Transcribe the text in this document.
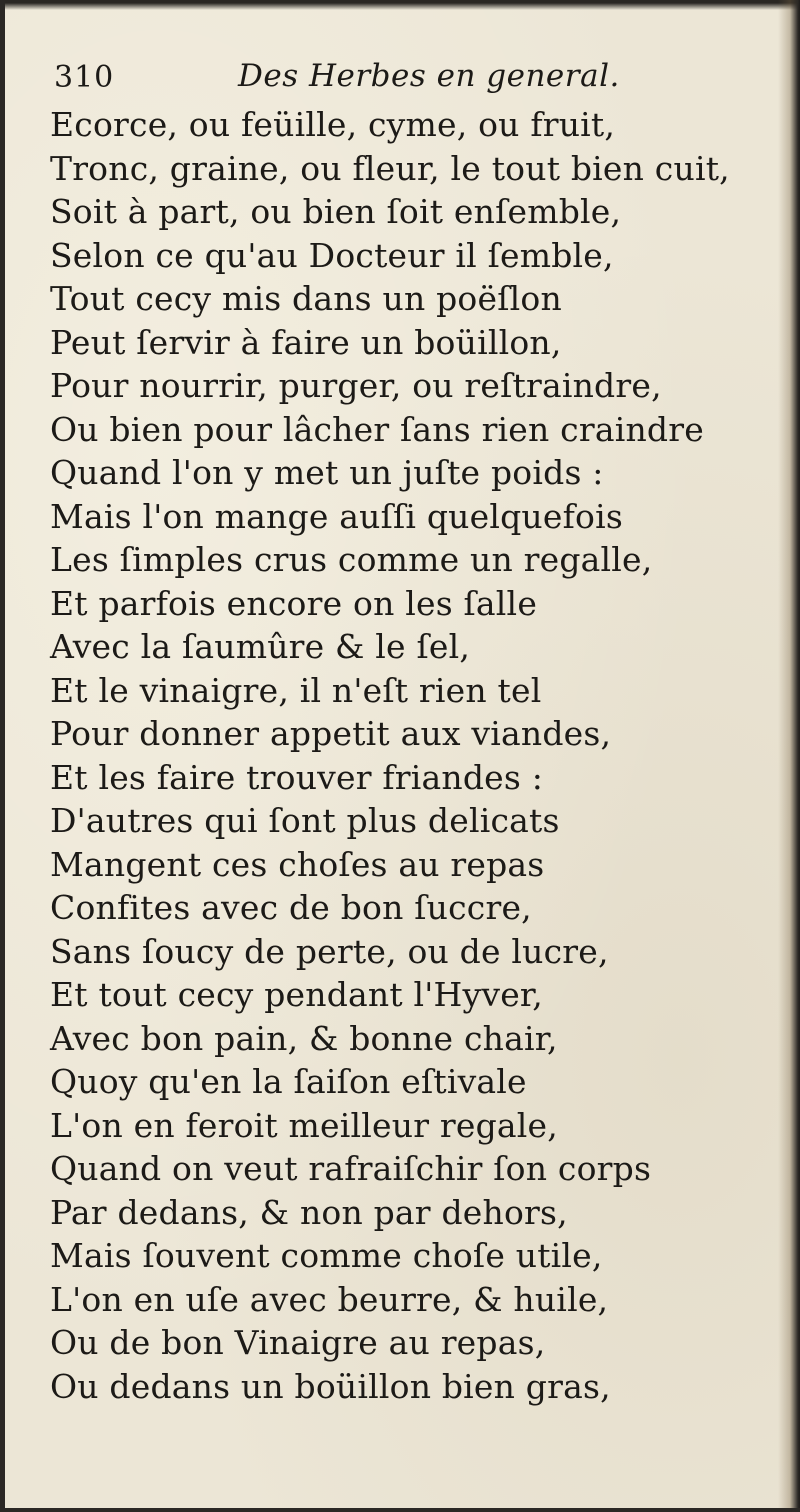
310	Des Herbes en general.
Ecorce, ou feüille, cyme, ou fruit,
Tronc, graine, ou fleur, le tout bien cuit,
Soit à part, ou bien ſoit enſemble,
Selon ce qu'au Docteur il ſemble,
Tout cecy mis dans un poëſlon
Peut ſervir à faire un boüillon,
Pour nourrir, purger, ou reſtraindre,
Ou bien pour lâcher ſans rien craindre
Quand l'on y met un juſte poids :
Mais l'on mange auſſi quelquefois
Les ſimples crus comme un regalle,
Et parfois encore on les ſalle
Avec la ſaumûre & le ſel,
Et le vinaigre, il n'eſt rien tel
Pour donner appetit aux viandes,
Et les faire trouver friandes :
D'autres qui ſont plus delicats
Mangent ces choſes au repas
Confites avec de bon ſuccre,
Sans ſoucy de perte, ou de lucre,
Et tout cecy pendant l'Hyver,
Avec bon pain, & bonne chair,
Quoy qu'en la ſaiſon eſtivale
L'on en feroit meilleur regale,
Quand on veut rafraiſchir ſon corps
Par dedans, & non par dehors,
Mais ſouvent comme choſe utile,
L'on en uſe avec beurre, & huile,
Ou de bon Vinaigre au repas,
Ou dedans un boüillon bien gras,
